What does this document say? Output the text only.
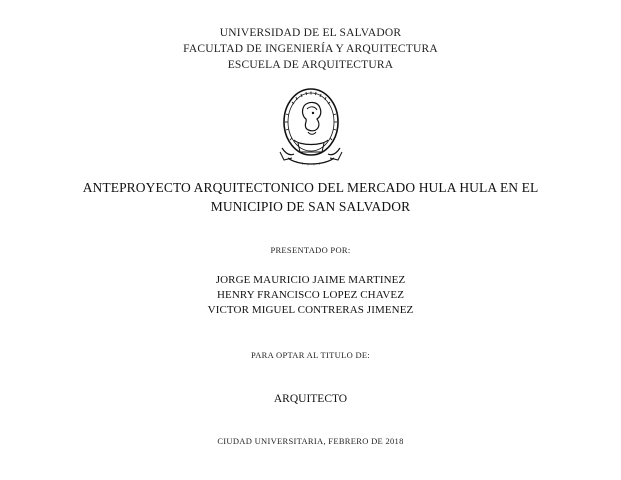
UNIVERSIDAD DE EL SALVADOR
FACULTAD DE INGENIERÍA Y ARQUITECTURA
ESCUELA DE ARQUITECTURA
ANTEPROYECTO ARQUITECTONICO DEL MERCADO HULA HULA EN EL
MUNICIPIO DE SAN SALVADOR
PRESENTADO POR:
JORGE MAURICIO JAIME MARTINEZ
HENRY FRANCISCO LOPEZ CHAVEZ
VICTOR MIGUEL CONTRERAS JIMENEZ
PARA OPTAR AL TITULO DE:
ARQUITECTO
CIUDAD UNIVERSITARIA, FEBRERO DE 2018
